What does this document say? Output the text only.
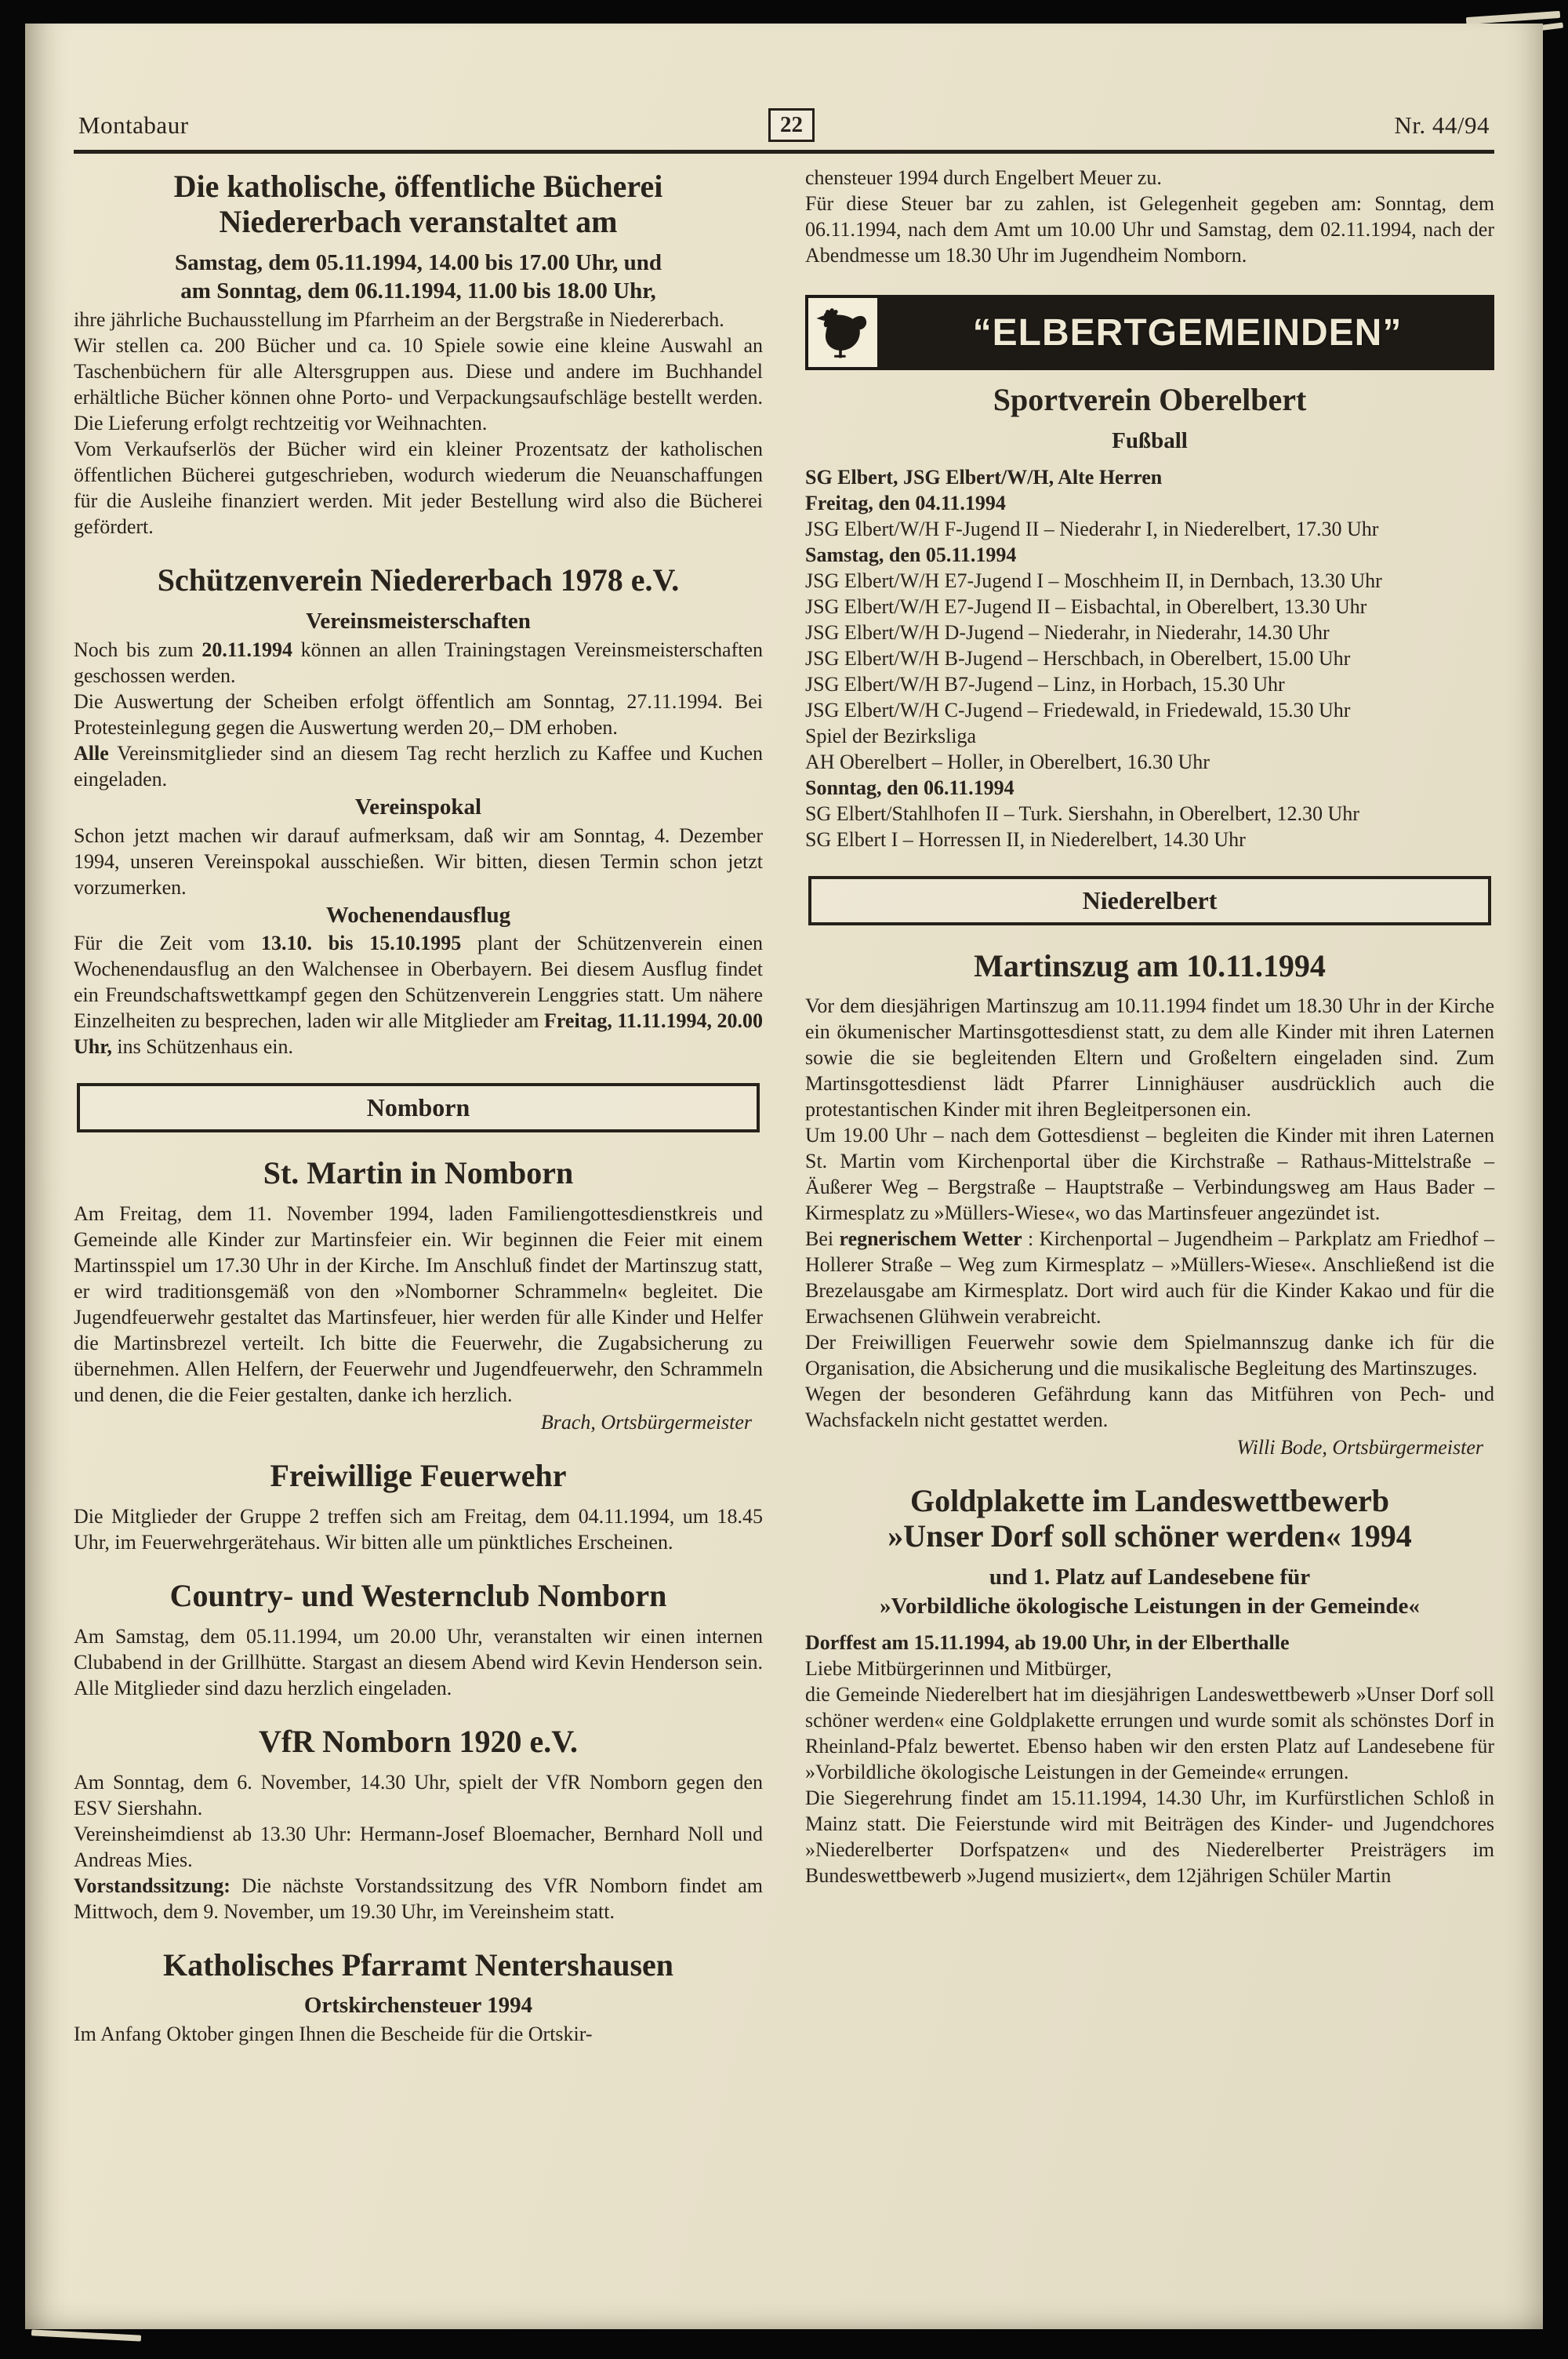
Montabaur	22	Nr. 44/94
Die katholische, öffentliche Bücherei
Niedererbach veranstaltet am
Samstag, dem 05.11.1994, 14.00 bis 17.00 Uhr, und
am Sonntag, dem 06.11.1994, 11.00 bis 18.00 Uhr,

ihre jährliche Buchausstellung im Pfarrheim an der Bergstraße in Niedererbach.

Wir stellen ca. 200 Bücher und ca. 10 Spiele sowie eine kleine Auswahl an Taschenbüchern für alle Altersgruppen aus. Diese und andere im Buchhandel erhältliche Bücher können ohne Porto- und Verpackungsaufschläge bestellt werden. Die Lieferung erfolgt rechtzeitig vor Weihnachten.

Vom Verkaufserlös der Bücher wird ein kleiner Prozentsatz der katholischen öffentlichen Bücherei gutgeschrieben, wodurch wiederum die Neuanschaffungen für die Ausleihe finanziert werden. Mit jeder Bestellung wird also die Bücherei gefördert.

Schützenverein Niedererbach 1978 e.V.
Vereinsmeisterschaften

Noch bis zum 20.11.1994 können an allen Trainingstagen Vereinsmeisterschaften geschossen werden.

Die Auswertung der Scheiben erfolgt öffentlich am Sonntag, 27.11.1994. Bei Protesteinlegung gegen die Auswertung werden 20,– DM erhoben.

Alle Vereinsmitglieder sind an diesem Tag recht herzlich zu Kaffee und Kuchen eingeladen.

Vereinspokal

Schon jetzt machen wir darauf aufmerksam, daß wir am Sonntag, 4. Dezember 1994, unseren Vereinspokal ausschießen. Wir bitten, diesen Termin schon jetzt vorzumerken.

Wochenendausflug

Für die Zeit vom 13.10. bis 15.10.1995 plant der Schützenverein einen Wochenendausflug an den Walchensee in Oberbayern. Bei diesem Ausflug findet ein Freundschaftswettkampf gegen den Schützenverein Lenggries statt. Um nähere Einzelheiten zu besprechen, laden wir alle Mitglieder am Freitag, 11.11.1994, 20.00 Uhr, ins Schützenhaus ein.

Nomborn
St. Martin in Nomborn

Am Freitag, dem 11. November 1994, laden Familiengottesdienstkreis und Gemeinde alle Kinder zur Martinsfeier ein. Wir beginnen die Feier mit einem Martinsspiel um 17.30 Uhr in der Kirche. Im Anschluß findet der Martinszug statt, er wird traditionsgemäß von den »Nomborner Schrammeln« begleitet. Die Jugendfeuerwehr gestaltet das Martinsfeuer, hier werden für alle Kinder und Helfer die Martinsbrezel verteilt. Ich bitte die Feuerwehr, die Zugabsicherung zu übernehmen. Allen Helfern, der Feuerwehr und Jugendfeuerwehr, den Schrammeln und denen, die die Feier gestalten, danke ich herzlich.

Brach, Ortsbürgermeister

Freiwillige Feuerwehr

Die Mitglieder der Gruppe 2 treffen sich am Freitag, dem 04.11.1994, um 18.45 Uhr, im Feuerwehrgerätehaus. Wir bitten alle um pünktliches Erscheinen.

Country- und Westernclub Nomborn

Am Samstag, dem 05.11.1994, um 20.00 Uhr, veranstalten wir einen internen Clubabend in der Grillhütte. Stargast an diesem Abend wird Kevin Henderson sein. Alle Mitglieder sind dazu herzlich eingeladen.

VfR Nomborn 1920 e.V.

Am Sonntag, dem 6. November, 14.30 Uhr, spielt der VfR Nomborn gegen den ESV Siershahn.

Vereinsheimdienst ab 13.30 Uhr: Hermann-Josef Bloemacher, Bernhard Noll und Andreas Mies.

Vorstandssitzung: Die nächste Vorstandssitzung des VfR Nomborn findet am Mittwoch, dem 9. November, um 19.30 Uhr, im Vereinsheim statt.

Katholisches Pfarramt Nentershausen
Ortskirchensteuer 1994

Im Anfang Oktober gingen Ihnen die Bescheide für die Ortskir-

chensteuer 1994 durch Engelbert Meuer zu.

Für diese Steuer bar zu zahlen, ist Gelegenheit gegeben am: Sonntag, dem 06.11.1994, nach dem Amt um 10.00 Uhr und Samstag, dem 02.11.1994, nach der Abendmesse um 18.30 Uhr im Jugendheim Nomborn.

“ELBERTGEMEINDEN”
Sportverein Oberelbert
Fußball

SG Elbert, JSG Elbert/W/H, Alte Herren

Freitag, den 04.11.1994

JSG Elbert/W/H F-Jugend II – Niederahr I, in Niederelbert, 17.30 Uhr

Samstag, den 05.11.1994

JSG Elbert/W/H E7-Jugend I – Moschheim II, in Dernbach, 13.30 Uhr

JSG Elbert/W/H E7-Jugend II – Eisbachtal, in Oberelbert, 13.30 Uhr

JSG Elbert/W/H D-Jugend – Niederahr, in Niederahr, 14.30 Uhr

JSG Elbert/W/H B-Jugend – Herschbach, in Oberelbert, 15.00 Uhr

JSG Elbert/W/H B7-Jugend – Linz, in Horbach, 15.30 Uhr

JSG Elbert/W/H C-Jugend – Friedewald, in Friedewald, 15.30 Uhr

Spiel der Bezirksliga

AH Oberelbert – Holler, in Oberelbert, 16.30 Uhr

Sonntag, den 06.11.1994

SG Elbert/Stahlhofen II – Turk. Siershahn, in Oberelbert, 12.30 Uhr

SG Elbert I – Horressen II, in Niederelbert, 14.30 Uhr

Niederelbert
Martinszug am 10.11.1994

Vor dem diesjährigen Martinszug am 10.11.1994 findet um 18.30 Uhr in der Kirche ein ökumenischer Martinsgottesdienst statt, zu dem alle Kinder mit ihren Laternen sowie die sie begleitenden Eltern und Großeltern eingeladen sind. Zum Martinsgottesdienst lädt Pfarrer Linnighäuser ausdrücklich auch die protestantischen Kinder mit ihren Begleitpersonen ein.

Um 19.00 Uhr – nach dem Gottesdienst – begleiten die Kinder mit ihren Laternen St. Martin vom Kirchenportal über die Kirchstraße – Rathaus-Mittelstraße – Äußerer Weg – Bergstraße – Hauptstraße – Verbindungsweg am Haus Bader – Kirmesplatz zu »Müllers-Wiese«, wo das Martinsfeuer angezündet ist.

Bei regnerischem Wetter : Kirchenportal – Jugendheim – Parkplatz am Friedhof – Hollerer Straße – Weg zum Kirmesplatz – »Müllers-Wiese«. Anschließend ist die Brezelausgabe am Kirmesplatz. Dort wird auch für die Kinder Kakao und für die Erwachsenen Glühwein verabreicht.

Der Freiwilligen Feuerwehr sowie dem Spielmannszug danke ich für die Organisation, die Absicherung und die musikalische Begleitung des Martinszuges.

Wegen der besonderen Gefährdung kann das Mitführen von Pech- und Wachsfackeln nicht gestattet werden.

Willi Bode, Ortsbürgermeister

Goldplakette im Landeswettbewerb
»Unser Dorf soll schöner werden« 1994
und 1. Platz auf Landesebene für
»Vorbildliche ökologische Leistungen in der Gemeinde«

Dorffest am 15.11.1994, ab 19.00 Uhr, in der Elberthalle

Liebe Mitbürgerinnen und Mitbürger,

die Gemeinde Niederelbert hat im diesjährigen Landeswettbewerb »Unser Dorf soll schöner werden« eine Goldplakette errungen und wurde somit als schönstes Dorf in Rheinland-Pfalz bewertet. Ebenso haben wir den ersten Platz auf Landesebene für »Vorbildliche ökologische Leistungen in der Gemeinde« errungen.

Die Siegerehrung findet am 15.11.1994, 14.30 Uhr, im Kurfürstlichen Schloß in Mainz statt. Die Feierstunde wird mit Beiträgen des Kinder- und Jugendchores »Niederelberter Dorfspatzen« und des Niederelberter Preisträgers im Bundeswettbewerb »Jugend musiziert«, dem 12jährigen Schüler Martin
